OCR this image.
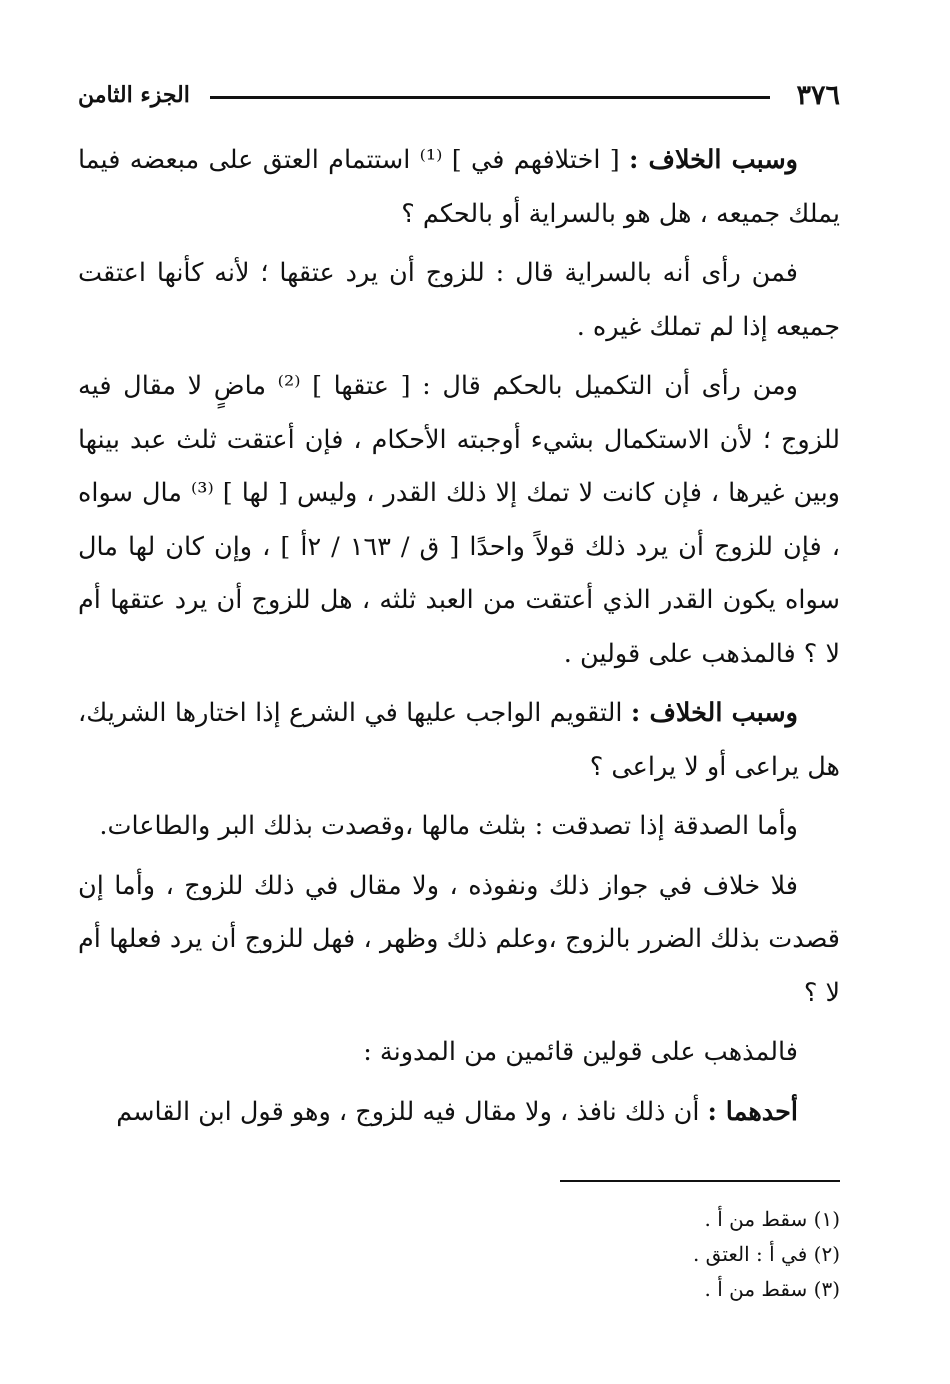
٣٧٦
الجزء الثامن

وسبب الخلاف : [ اختلافهم في ] ⁽¹⁾ استتمام العتق على مبعضه فيما يملك جميعه ، هل هو بالسراية أو بالحكم ؟

فمن رأى أنه بالسراية قال : للزوج أن يرد عتقها ؛ لأنه كأنها اعتقت جميعه إذا لم تملك غيره .

ومن رأى أن التكميل بالحكم قال : [ عتقها ] ⁽²⁾ ماضٍ لا مقال فيه للزوج ؛ لأن الاستكمال بشيء أوجبته الأحكام ، فإن أعتقت ثلث عبد بينها وبين غيرها ، فإن كانت لا تمك إلا ذلك القدر ، وليس [ لها ] ⁽³⁾ مال سواه ، فإن للزوج أن يرد ذلك قولاً واحدًا [ ق / ١٦٣ / ٢أ ] ، وإن كان لها مال سواه يكون القدر الذي أعتقت من العبد ثلثه ، هل للزوج أن يرد عتقها أم لا ؟ فالمذهب على قولين .

وسبب الخلاف : التقويم الواجب عليها في الشرع إذا اختارها الشريك، هل يراعى أو لا يراعى ؟

وأما الصدقة إذا تصدقت : بثلث مالها ،وقصدت بذلك البر والطاعات.

فلا خلاف في جواز ذلك ونفوذه ، ولا مقال في ذلك للزوج ، وأما إن قصدت بذلك الضرر بالزوج ،وعلم ذلك وظهر ، فهل للزوج أن يرد فعلها أم لا ؟

فالمذهب على قولين قائمين من المدونة :

أحدهما : أن ذلك نافذ ، ولا مقال فيه للزوج ، وهو قول ابن القاسم

(١) سقط من أ .
(٢) في أ : العتق .
(٣) سقط من أ .
